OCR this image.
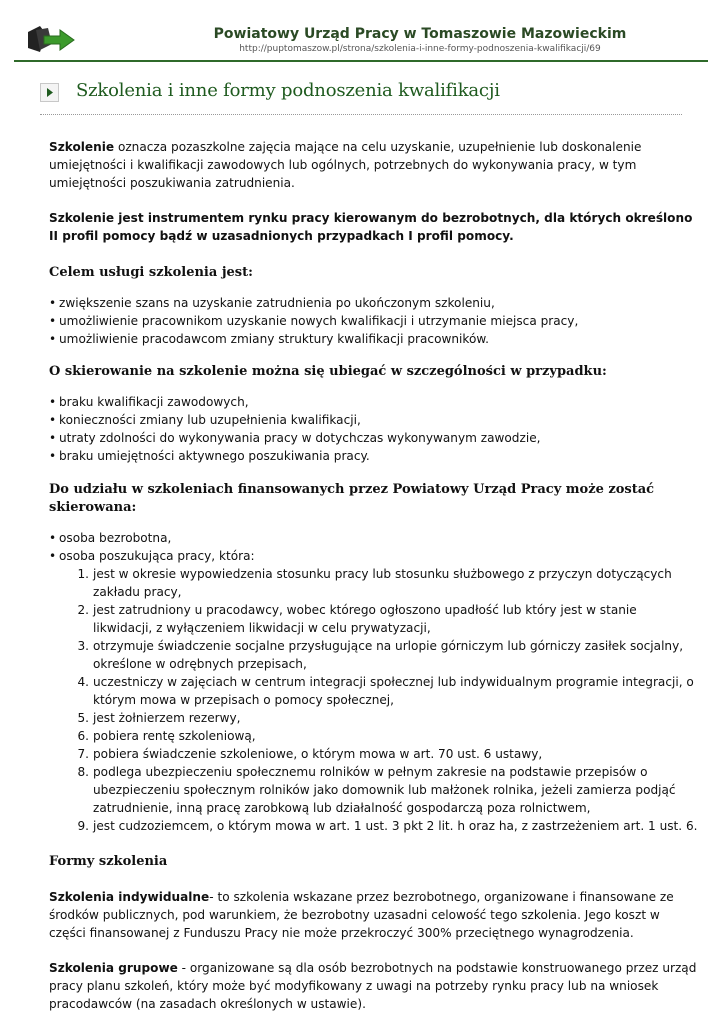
Powiatowy Urząd Pracy w Tomaszowie Mazowieckim
http://puptomaszow.pl/strona/szkolenia-i-inne-formy-podnoszenia-kwalifikacji/69
Szkolenia i inne formy podnoszenia kwalifikacji

Szkolenie oznacza pozaszkolne zajęcia mające na celu uzyskanie, uzupełnienie lub doskonalenie umiejętności i kwalifikacji zawodowych lub ogólnych, potrzebnych do wykonywania pracy, w tym umiejętności poszukiwania zatrudnienia.

Szkolenie jest instrumentem rynku pracy kierowanym do bezrobotnych, dla których określono II profil pomocy bądź w uzasadnionych przypadkach I profil pomocy.

Celem usługi szkolenia jest:

• zwiększenie szans na uzyskanie zatrudnienia po ukończonym szkoleniu,
• umożliwienie pracownikom uzyskanie nowych kwalifikacji i utrzymanie miejsca pracy,
• umożliwienie pracodawcom zmiany struktury kwalifikacji pracowników.

O skierowanie na szkolenie można się ubiegać w szczególności w przypadku:

• braku kwalifikacji zawodowych,
• konieczności zmiany lub uzupełnienia kwalifikacji,
• utraty zdolności do wykonywania pracy w dotychczas wykonywanym zawodzie,
• braku umiejętności aktywnego poszukiwania pracy.

Do udziału w szkoleniach finansowanych przez Powiatowy Urząd Pracy może zostać skierowana:

• osoba bezrobotna,
• osoba poszukująca pracy, która:
1. jest w okresie wypowiedzenia stosunku pracy lub stosunku służbowego z przyczyn dotyczących zakładu pracy,
2. jest zatrudniony u pracodawcy, wobec którego ogłoszono upadłość lub który jest w stanie likwidacji, z wyłączeniem likwidacji w celu prywatyzacji,
3. otrzymuje świadczenie socjalne przysługujące na urlopie górniczym lub górniczy zasiłek socjalny, określone w odrębnych przepisach,
4. uczestniczy w zajęciach w centrum integracji społecznej lub indywidualnym programie integracji, o którym mowa w przepisach o pomocy społecznej,
5. jest żołnierzem rezerwy,
6. pobiera rentę szkoleniową,
7. pobiera świadczenie szkoleniowe, o którym mowa w art. 70 ust. 6 ustawy,
8. podlega ubezpieczeniu społecznemu rolników w pełnym zakresie na podstawie przepisów o ubezpieczeniu społecznym rolników jako domownik lub małżonek rolnika, jeżeli zamierza podjąć zatrudnienie, inną pracę zarobkową lub działalność gospodarczą poza rolnictwem,
9. jest cudzoziemcem, o którym mowa w art. 1 ust. 3 pkt 2 lit. h oraz ha, z zastrzeżeniem art. 1 ust. 6.

Formy szkolenia

Szkolenia indywidualne- to szkolenia wskazane przez bezrobotnego, organizowane i finansowane ze środków publicznych, pod warunkiem, że bezrobotny uzasadni celowość tego szkolenia. Jego koszt w części finansowanej z Funduszu Pracy nie może przekroczyć 300% przeciętnego wynagrodzenia.

Szkolenia grupowe - organizowane są dla osób bezrobotnych na podstawie konstruowanego przez urząd pracy planu szkoleń, który może być modyfikowany z uwagi na potrzeby rynku pracy lub na wniosek pracodawców (na zasadach określonych w ustawie).
